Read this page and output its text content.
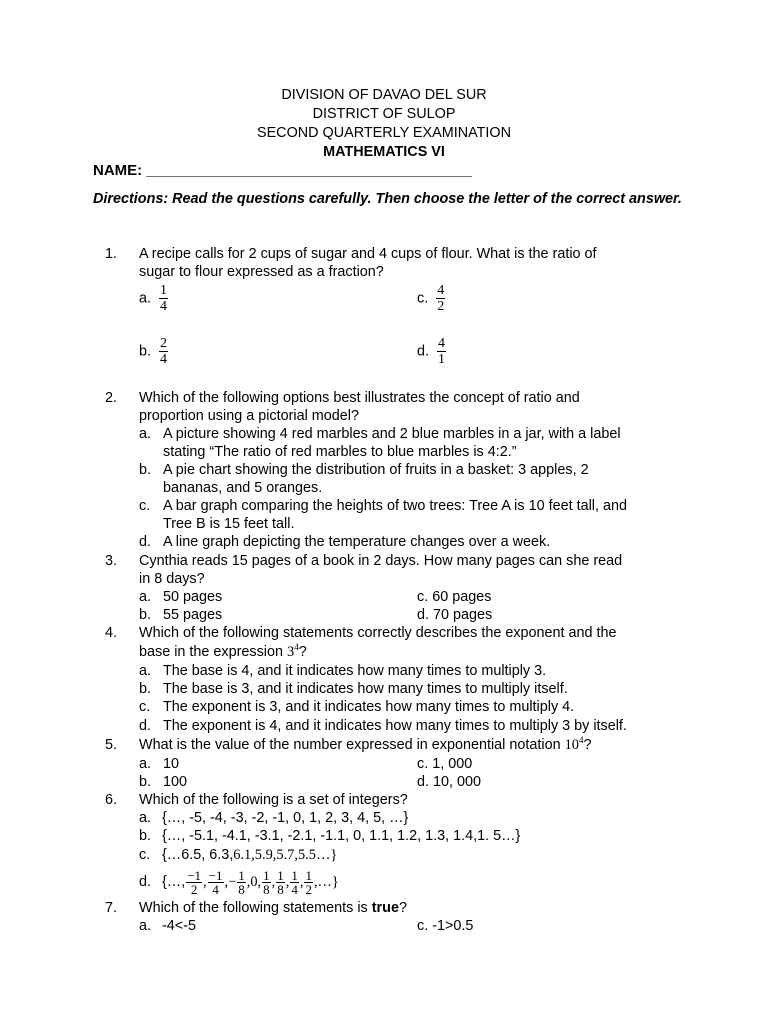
DIVISION OF DAVAO DEL SUR
DISTRICT OF SULOP
SECOND QUARTERLY EXAMINATION
MATHEMATICS VI
NAME: _______________________________________
Directions: Read the questions carefully. Then choose the letter of the correct answer.
1. A recipe calls for 2 cups of sugar and 4 cups of flour. What is the ratio of
sugar to flour expressed as a fraction?
a. $\frac{1}{4}$	c. $\frac{4}{2}$
b. $\frac{2}{4}$	d. $\frac{4}{1}$
2. Which of the following options best illustrates the concept of ratio and
proportion using a pictorial model?
a. A picture showing 4 red marbles and 2 blue marbles in a jar, with a label
stating “The ratio of red marbles to blue marbles is 4:2.”
b. A pie chart showing the distribution of fruits in a basket: 3 apples, 2
bananas, and 5 oranges.
c. A bar graph comparing the heights of two trees: Tree A is 10 feet tall, and
Tree B is 15 feet tall.
d. A line graph depicting the temperature changes over a week.
3. Cynthia reads 15 pages of a book in 2 days. How many pages can she read
in 8 days?
a. 50 pages	c. 60 pages
b. 55 pages	d. 70 pages
4. Which of the following statements correctly describes the exponent and the
base in the expression $3^4$?
a. The base is 4, and it indicates how many times to multiply 3.
b. The base is 3, and it indicates how many times to multiply itself.
c. The exponent is 3, and it indicates how many times to multiply 4.
d. The exponent is 4, and it indicates how many times to multiply 3 by itself.
5. What is the value of the number expressed in exponential notation $10^4$?
a. 10	c. 1, 000
b. 100	d. 10, 000
6. Which of the following is a set of integers?
a. {…, -5, -4, -3, -2, -1, 0, 1, 2, 3, 4, 5, …}
b. {…, -5.1, -4.1, -3.1, -2.1, -1.1, 0, 1.1, 1.2, 1.3, 1.4,1. 5…}
c. {…6.5, 6.3,6.1,5.9,5.7,5.5…}
d. {…, $\frac{-1}{2}$ , $\frac{-1}{4}$ ,− $\frac{1}{8} ,0$, $\frac{1}{8}$ , $\frac{1}{8}$ , $\frac{1}{4}$ , $\frac{1}{2}$ ,…}
7. Which of the following statements is true?
a. -4<-5	c. -1>0.5
